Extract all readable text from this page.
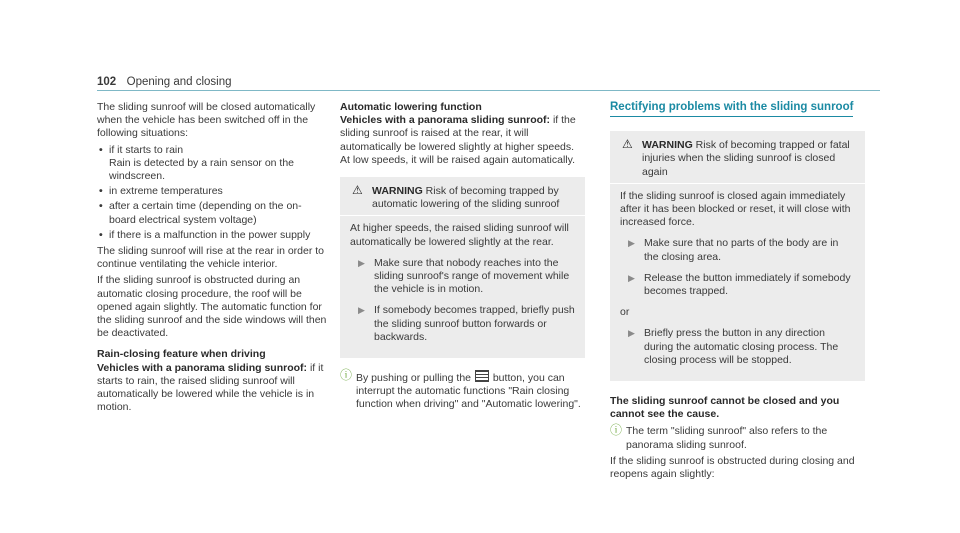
102 Opening and closing

The sliding sunroof will be closed automatically when the vehicle has been switched off in the following situations:

• if it starts to rain
Rain is detected by a rain sensor on the windscreen.
• in extreme temperatures
• after a certain time (depending on the on-board electrical system voltage)
• if there is a malfunction in the power supply

The sliding sunroof will rise at the rear in order to continue ventilating the vehicle interior.

If the sliding sunroof is obstructed during an automatic closing procedure, the roof will be opened again slightly. The automatic function for the sliding sunroof and the side windows will then be deactivated.

Rain-closing feature when driving

Vehicles with a panorama sliding sunroof: if it starts to rain, the raised sliding sunroof will automatically be lowered while the vehicle is in motion.

Automatic lowering function

Vehicles with a panorama sliding sunroof: if the sliding sunroof is raised at the rear, it will automatically be lowered slightly at higher speeds. At low speeds, it will be raised again automatically.

⚠ WARNING Risk of becoming trapped by automatic lowering of the sliding sunroof
At higher speeds, the raised sliding sunroof will automatically be lowered slightly at the rear.
▶ Make sure that nobody reaches into the sliding sunroof's range of movement while the vehicle is in motion.
▶ If somebody becomes trapped, briefly push the sliding sunroof button forwards or backwards.
ⓘ By pushing or pulling the button, you can interrupt the automatic functions "Rain closing function when driving" and "Automatic lowering".
Rectifying problems with the sliding sunroof
⚠ WARNING Risk of becoming trapped or fatal injuries when the sliding sunroof is closed again
If the sliding sunroof is closed again immediately after it has been blocked or reset, it will close with increased force.
▶ Make sure that no parts of the body are in the closing area.
▶ Release the button immediately if somebody becomes trapped.
or
▶ Briefly press the button in any direction during the automatic closing process. The closing process will be stopped.
The sliding sunroof cannot be closed and you cannot see the cause.
ⓘ The term "sliding sunroof" also refers to the panorama sliding sunroof.

If the sliding sunroof is obstructed during closing and reopens again slightly:
